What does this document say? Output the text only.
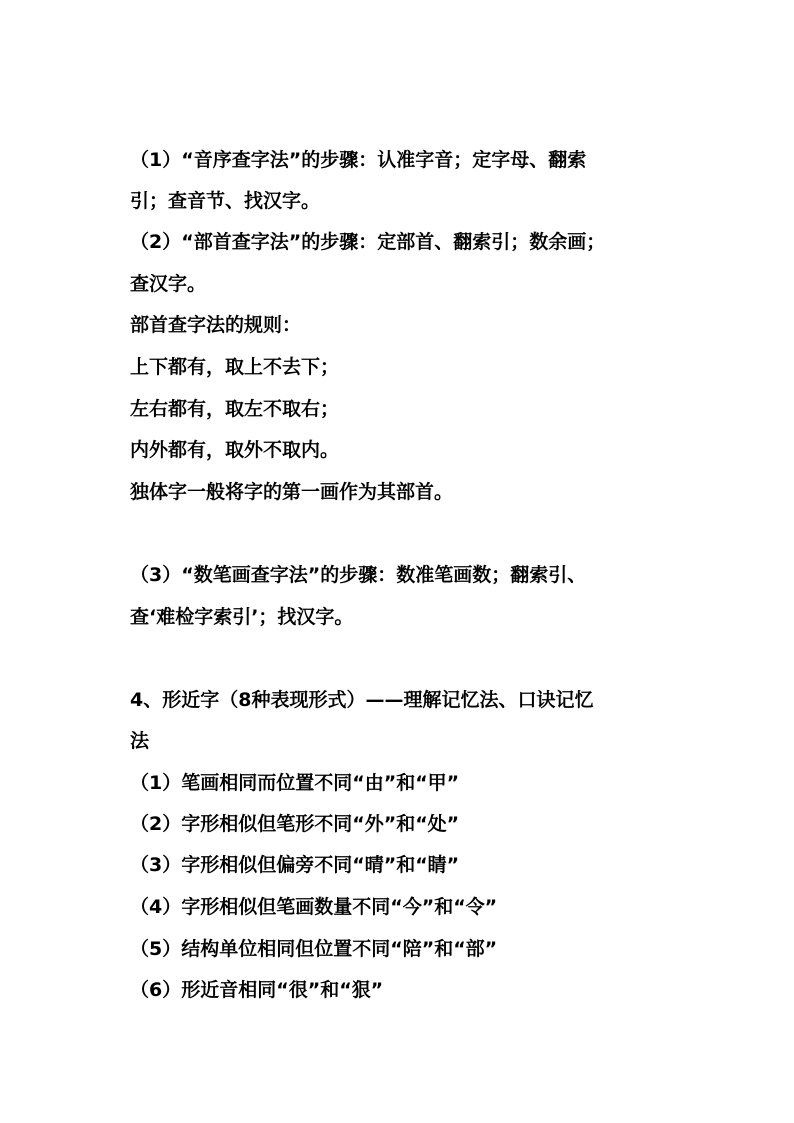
（1）“音序查字法”的步骤：认准字音；定字母、翻索
引；查音节、找汉字。
（2）“部首查字法”的步骤：定部首、翻索引；数余画；
查汉字。
部首查字法的规则：
上下都有，取上不去下；
左右都有，取左不取右；
内外都有，取外不取内。
独体字一般将字的第一画作为其部首。
（3）“数笔画查字法”的步骤：数准笔画数；翻索引、
查‘难检字索引’；找汉字。
4、形近字（8种表现形式）——理解记忆法、口诀记忆
法
（1）笔画相同而位置不同“由”和“甲”
（2）字形相似但笔形不同“外”和“处”
（3）字形相似但偏旁不同“晴”和“睛”
（4）字形相似但笔画数量不同“今”和“令”
（5）结构单位相同但位置不同“陪”和“部”
（6）形近音相同“很”和“狠”
